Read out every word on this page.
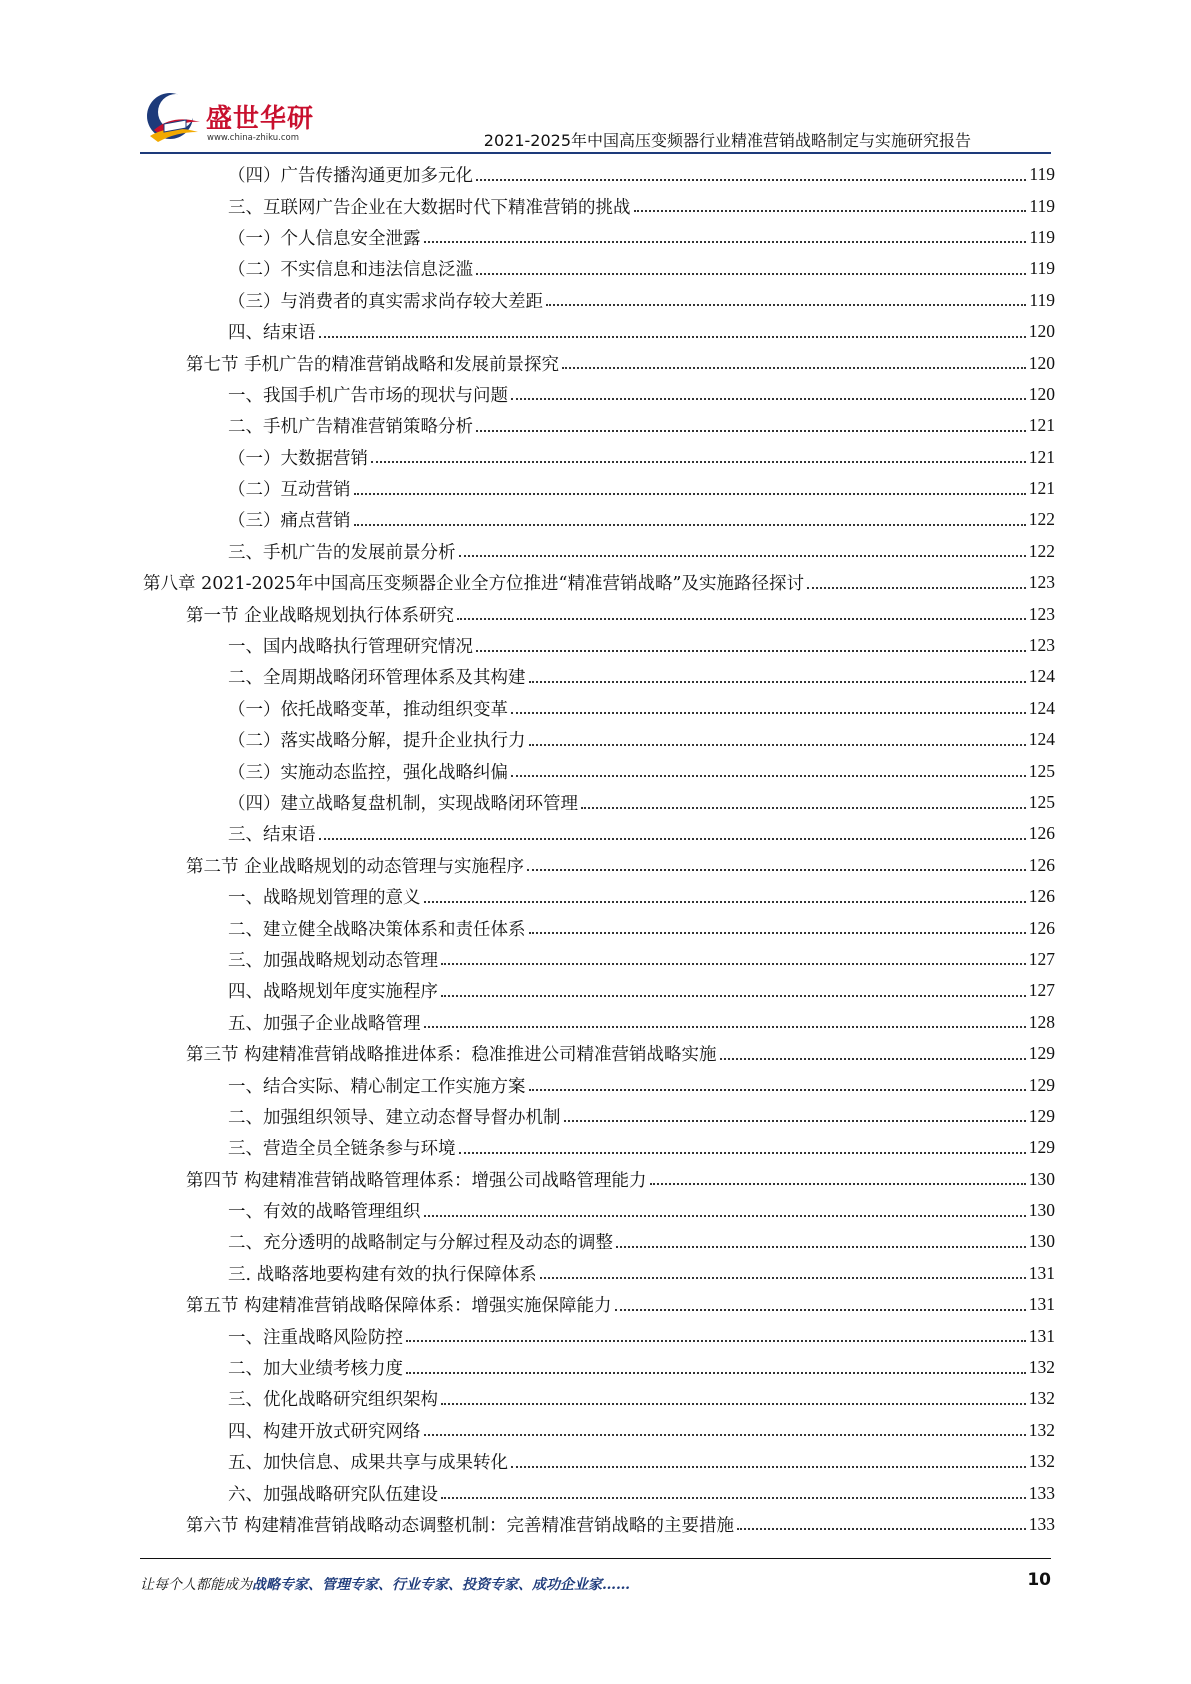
盛世华研
www.china-zhiku.com	2021-2025年中国高压变频器行业精准营销战略制定与实施研究报告
（四）广告传播沟通更加多元化	119
三、互联网广告企业在大数据时代下精准营销的挑战	119
（一）个人信息安全泄露	119
（二）不实信息和违法信息泛滥	119
（三）与消费者的真实需求尚存较大差距	119
四、结束语	120
第七节 手机广告的精准营销战略和发展前景探究	120
一、我国手机广告市场的现状与问题	120
二、手机广告精准营销策略分析	121
（一）大数据营销	121
（二）互动营销	121
（三）痛点营销	122
三、手机广告的发展前景分析	122
第八章 2021-2025年中国高压变频器企业全方位推进“精准营销战略”及实施路径探讨	123
第一节 企业战略规划执行体系研究	123
一、国内战略执行管理研究情况	123
二、全周期战略闭环管理体系及其构建	124
（一）依托战略变革，推动组织变革	124
（二）落实战略分解，提升企业执行力	124
（三）实施动态监控，强化战略纠偏	125
（四）建立战略复盘机制，实现战略闭环管理	125
三、结束语	126
第二节 企业战略规划的动态管理与实施程序	126
一、战略规划管理的意义	126
二、建立健全战略决策体系和责任体系	126
三、加强战略规划动态管理	127
四、战略规划年度实施程序	127
五、加强子企业战略管理	128
第三节 构建精准营销战略推进体系：稳准推进公司精准营销战略实施	129
一、结合实际、精心制定工作实施方案	129
二、加强组织领导、建立动态督导督办机制	129
三、营造全员全链条参与环境	129
第四节 构建精准营销战略管理体系：增强公司战略管理能力	130
一、有效的战略管理组织	130
二、充分透明的战略制定与分解过程及动态的调整	130
三. 战略落地要构建有效的执行保障体系	131
第五节 构建精准营销战略保障体系：增强实施保障能力	131
一、注重战略风险防控	131
二、加大业绩考核力度	132
三、优化战略研究组织架构	132
四、构建开放式研究网络	132
五、加快信息、成果共享与成果转化	132
六、加强战略研究队伍建设	133
第六节 构建精准营销战略动态调整机制：完善精准营销战略的主要措施	133
让每个人都能成为战略专家、管理专家、行业专家、投资专家、成功企业家……	10
